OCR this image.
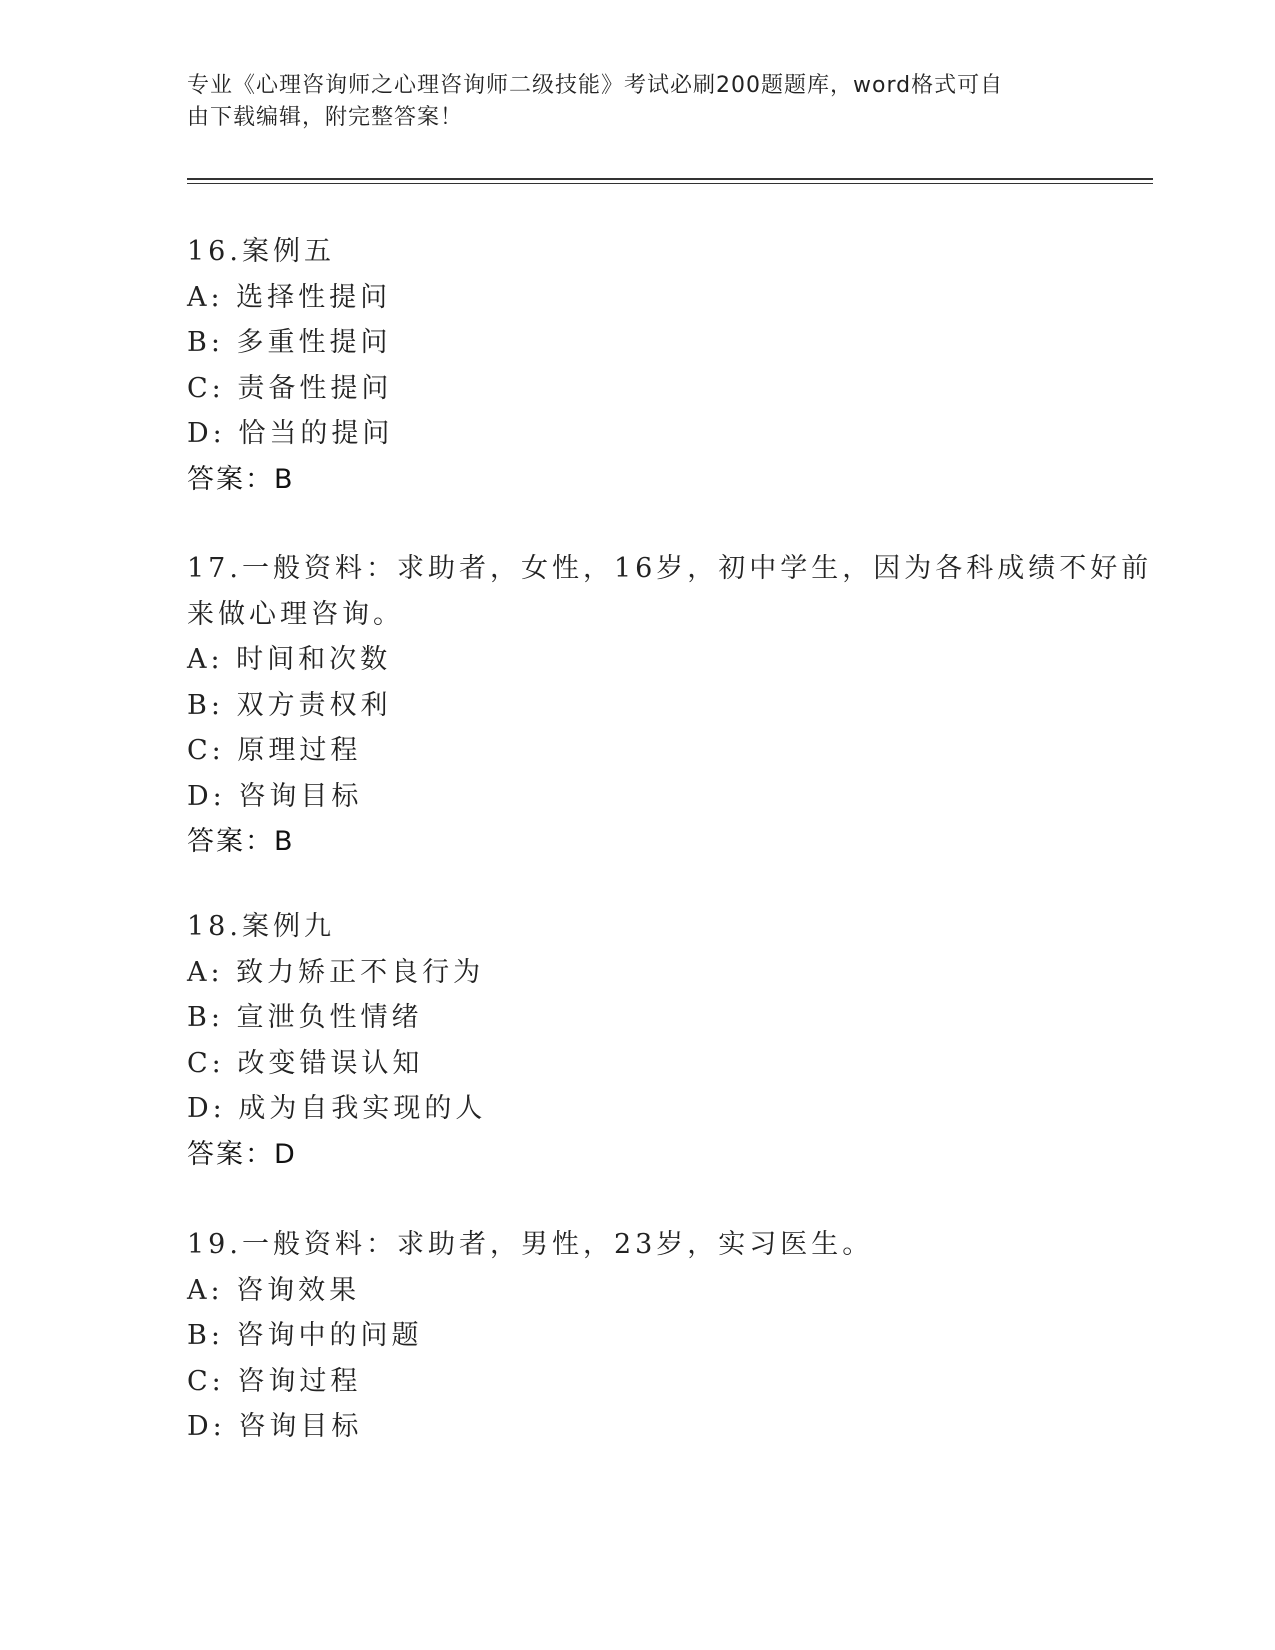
专业《心理咨询师之心理咨询师二级技能》考试必刷200题题库，word格式可自
由下载编辑，附完整答案！
16.案例五
A: 选择性提问
B: 多重性提问
C: 责备性提问
D: 恰当的提问
答案：B
17.一般资料：求助者，女性，16岁，初中学生，因为各科成绩不好前
来做心理咨询。
A: 时间和次数
B: 双方责权利
C: 原理过程
D: 咨询目标
答案：B
18.案例九
A: 致力矫正不良行为
B: 宣泄负性情绪
C: 改变错误认知
D: 成为自我实现的人
答案：D
19.一般资料：求助者，男性，23岁，实习医生。
A: 咨询效果
B: 咨询中的问题
C: 咨询过程
D: 咨询目标
